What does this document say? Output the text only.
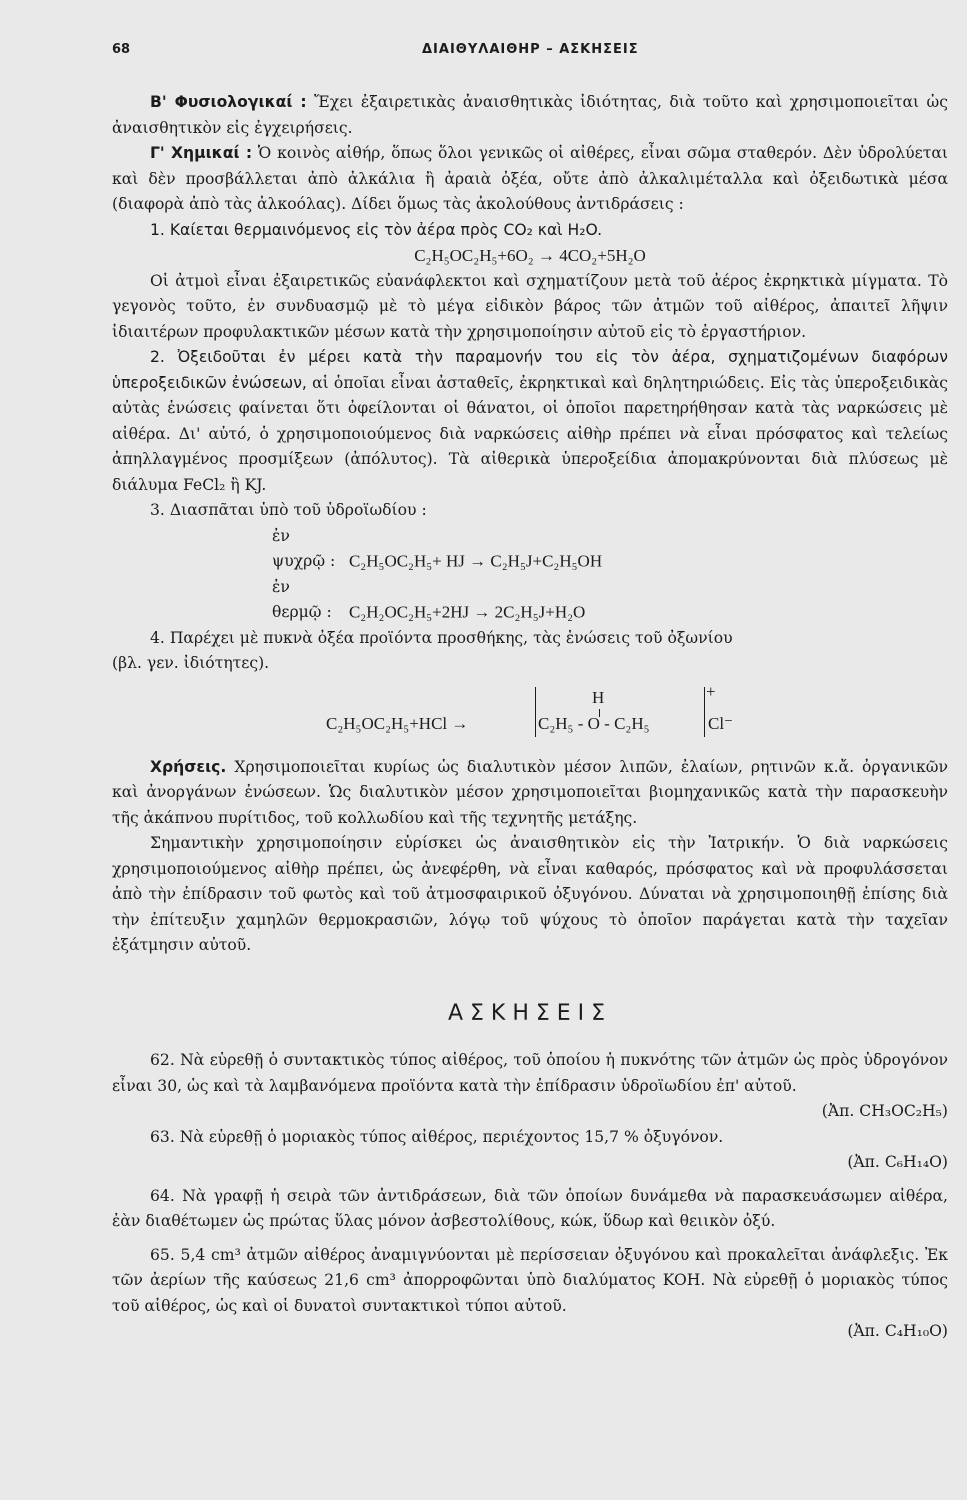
68	ΔΙΑΙΘΥΛΑΙΘΗΡ – ΑΣΚΗΣΕΙΣ

Β' Φυσιολογικαί : Ἔχει ἐξαιρετικὰς ἀναισθητικὰς ἰδιότητας, διὰ τοῦτο καὶ χρησιμοποιεῖται ὡς ἀναισθητικὸν εἰς ἐγχειρήσεις.

Γ' Χημικαί : Ὁ κοινὸς αἰθήρ, ὅπως ὅλοι γενικῶς οἱ αἰθέρες, εἶναι σῶμα σταθερόν. Δὲν ὑδρολύεται καὶ δὲν προσβάλλεται ἀπὸ ἀλκάλια ἢ ἀραιὰ ὀξέα, οὔτε ἀπὸ ἀλκαλιμέταλλα καὶ ὀξειδωτικὰ μέσα (διαφορὰ ἀπὸ τὰς ἀλκοόλας). Δίδει ὅμως τὰς ἀκολούθους ἀντιδράσεις :

1. Καίεται θερμαινόμενος εἰς τὸν ἀέρα πρὸς CO₂ καὶ H₂O.

C₂H₅OC₂H₅+6O₂ → 4CO₂+5H₂O

Οἱ ἀτμοὶ εἶναι ἐξαιρετικῶς εὐανάφλεκτοι καὶ σχηματίζουν μετὰ τοῦ ἀέρος ἐκρηκτικὰ μίγματα. Τὸ γεγονὸς τοῦτο, ἐν συνδυασμῷ μὲ τὸ μέγα εἰδικὸν βάρος τῶν ἀτμῶν τοῦ αἰθέρος, ἀπαιτεῖ λῆψιν ἰδιαιτέρων προφυλακτικῶν μέσων κατὰ τὴν χρησιμοποίησιν αὐτοῦ εἰς τὸ ἐργαστήριον.

2. Ὀξειδοῦται ἐν μέρει κατὰ τὴν παραμονήν του εἰς τὸν ἀέρα, σχηματιζομένων διαφόρων ὑπεροξειδικῶν ἐνώσεων, αἱ ὁποῖαι εἶναι ἀσταθεῖς, ἐκρηκτικαὶ καὶ δηλητηριώδεις. Εἰς τὰς ὑπεροξειδικὰς αὐτὰς ἐνώσεις φαίνεται ὅτι ὀφείλονται οἱ θάνατοι, οἱ ὁποῖοι παρετηρήθησαν κατὰ τὰς ναρκώσεις μὲ αἰθέρα. Δι' αὐτό, ὁ χρησιμοποιούμενος διὰ ναρκώσεις αἰθὴρ πρέπει νὰ εἶναι πρόσφατος καὶ τελείως ἀπηλλαγμένος προσμίξεων (ἀπόλυτος). Τὰ αἰθερικὰ ὑπεροξείδια ἀπομακρύνονται διὰ πλύσεως μὲ διάλυμα FeCl₂ ἢ KJ.

3. Διασπᾶται ὑπὸ τοῦ ὑδροϊωδίου :

ἐν ψυχρῷ : C₂H₅OC₂H₅+ HJ → C₂H₅J+C₂H₅OH
ἐν θερμῷ : C₂H₂OC₂H₅+2HJ → 2C₂H₅J+H₂O

4. Παρέχει μὲ πυκνὰ ὀξέα προϊόντα προσθήκης, τὰς ἑνώσεις τοῦ ὀξωνίου

(βλ. γεν. ἰδιότητες).

C₂H₅OC₂H₅+HCl →
H
C₂H₅ - O - C₂H₅
+
Cl⁻

Χρήσεις. Χρησιμοποιεῖται κυρίως ὡς διαλυτικὸν μέσον λιπῶν, ἐλαίων, ρητινῶν κ.ἄ. ὀργανικῶν καὶ ἀνοργάνων ἐνώσεων. Ὡς διαλυτικὸν μέσον χρησιμοποιεῖται βιομηχανικῶς κατὰ τὴν παρασκευὴν τῆς ἀκάπνου πυρίτιδος, τοῦ κολλωδίου καὶ τῆς τεχνητῆς μετάξης.

Σημαντικὴν χρησιμοποίησιν εὑρίσκει ὡς ἀναισθητικὸν εἰς τὴν Ἰατρικήν. Ὁ διὰ ναρκώσεις χρησιμοποιούμενος αἰθὴρ πρέπει, ὡς ἀνεφέρθη, νὰ εἶναι καθαρός, πρόσφατος καὶ νὰ προφυλάσσεται ἀπὸ τὴν ἐπίδρασιν τοῦ φωτὸς καὶ τοῦ ἀτμοσφαιρικοῦ ὀξυγόνου. Δύναται νὰ χρησιμοποιηθῇ ἐπίσης διὰ τὴν ἐπίτευξιν χαμηλῶν θερμοκρασιῶν, λόγῳ τοῦ ψύχους τὸ ὁποῖον παράγεται κατὰ τὴν ταχεῖαν ἐξάτμησιν αὐτοῦ.

ΑΣΚΗΣΕΙΣ

62. Νὰ εὑρεθῇ ὁ συντακτικὸς τύπος αἰθέρος, τοῦ ὁποίου ἡ πυκνότης τῶν ἀτμῶν ὡς πρὸς ὑδρογόνον εἶναι 30, ὡς καὶ τὰ λαμβανόμενα προϊόντα κατὰ τὴν ἐπίδρασιν ὑδροϊωδίου ἐπ' αὐτοῦ.

(Ἀπ. CH₃OC₂H₅)

63. Νὰ εὑρεθῇ ὁ μοριακὸς τύπος αἰθέρος, περιέχοντος 15,7 % ὀξυγόνον.

(Ἀπ. C₆H₁₄O)

64. Νὰ γραφῇ ἡ σειρὰ τῶν ἀντιδράσεων, διὰ τῶν ὁποίων δυνάμεθα νὰ παρασκευάσωμεν αἰθέρα, ἐὰν διαθέτωμεν ὡς πρώτας ὕλας μόνον ἀσβεστολίθους, κώκ, ὕδωρ καὶ θειικὸν ὀξύ.

65. 5,4 cm³ ἀτμῶν αἰθέρος ἀναμιγνύονται μὲ περίσσειαν ὀξυγόνου καὶ προκαλεῖται ἀνάφλεξις. Ἐκ τῶν ἀερίων τῆς καύσεως 21,6 cm³ ἀπορροφῶνται ὑπὸ διαλύματος KOH. Νὰ εὑρεθῇ ὁ μοριακὸς τύπος τοῦ αἰθέρος, ὡς καὶ οἱ δυνατοὶ συντακτικοὶ τύποι αὐτοῦ.

(Ἀπ. C₄H₁₀O)
